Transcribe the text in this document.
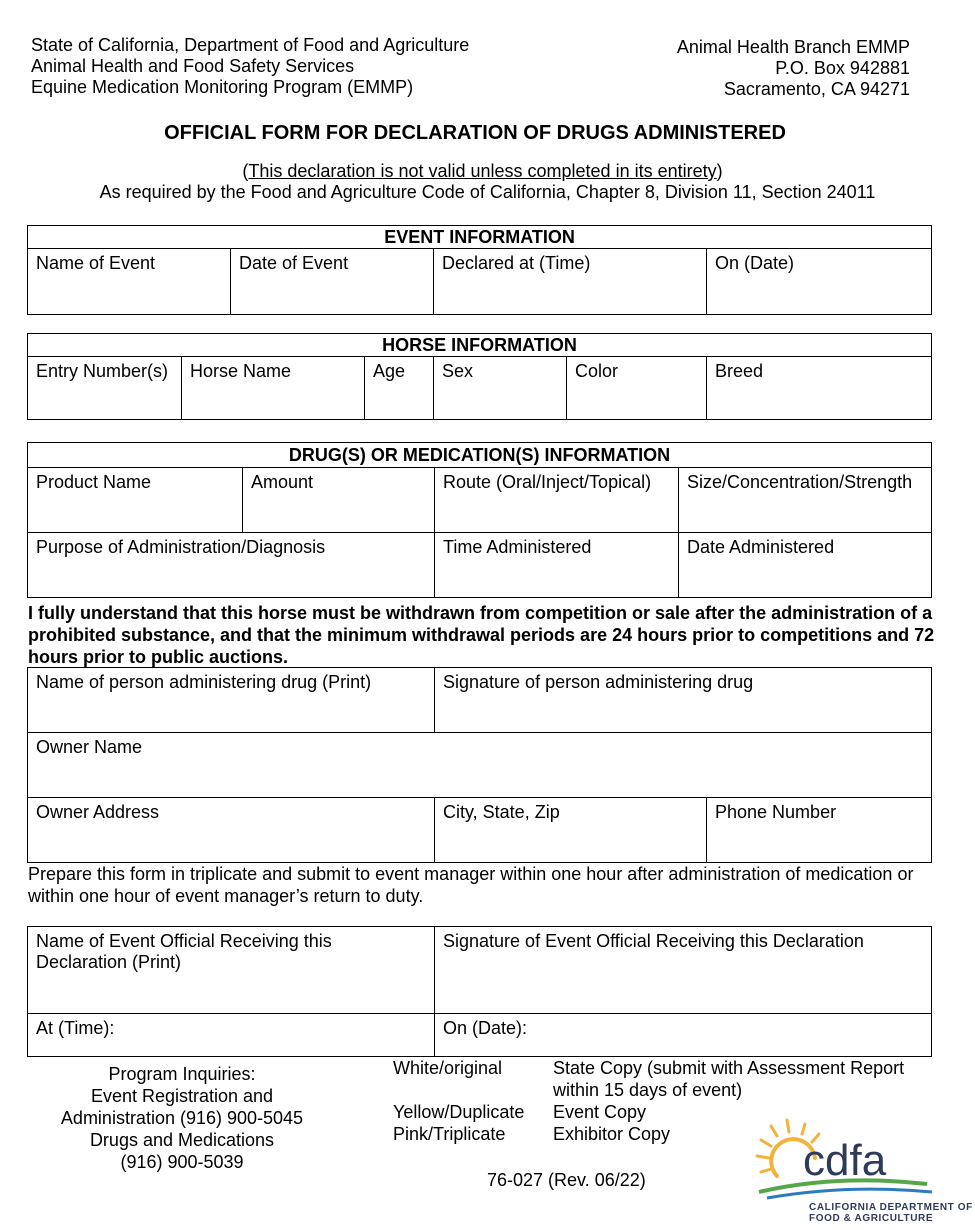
State of California, Department of Food and Agriculture
Animal Health and Food Safety Services
Equine Medication Monitoring Program (EMMP)
Animal Health Branch EMMP
P.O. Box 942881
Sacramento, CA 94271
OFFICIAL FORM FOR DECLARATION OF DRUGS ADMINISTERED
(This declaration is not valid unless completed in its entirety)
As required by the Food and Agriculture Code of California, Chapter 8, Division 11, Section 24011
EVENT INFORMATION
Name of Event	Date of Event	Declared at (Time)	On (Date)
HORSE INFORMATION
Entry Number(s)	Horse Name	Age	Sex	Color	Breed
DRUG(S) OR MEDICATION(S) INFORMATION			
Product Name	Amount	Route (Oral/Inject/Topical)	Size/Concentration/Strength
Purpose of Administration/Diagnosis		Time Administered	Date Administered
I fully understand that this horse must be withdrawn from competition or sale after the administration of a prohibited substance, and that the minimum withdrawal periods are 24 hours prior to competitions and 72 hours prior to public auctions.
Name of person administering drug (Print)	Signature of person administering drug	
Owner Name		
Owner Address	City, State, Zip	Phone Number
Prepare this form in triplicate and submit to event manager within one hour after administration of medication or within one hour of event manager’s return to duty.
Name of Event Official Receiving this Declaration (Print)	Signature of Event Official Receiving this Declaration
At (Time):	On (Date):
Program Inquiries:
Event Registration and
Administration (916) 900-5045
Drugs and Medications
(916) 900-5039
White/original	State Copy (submit with Assessment Report within 15 days of event)
Yellow/Duplicate	Event Copy
Pink/Triplicate	Exhibitor Copy
76-027 (Rev. 06/22)	cdfa
CALIFORNIA DEPARTMENT OF
FOOD & AGRICULTURE
